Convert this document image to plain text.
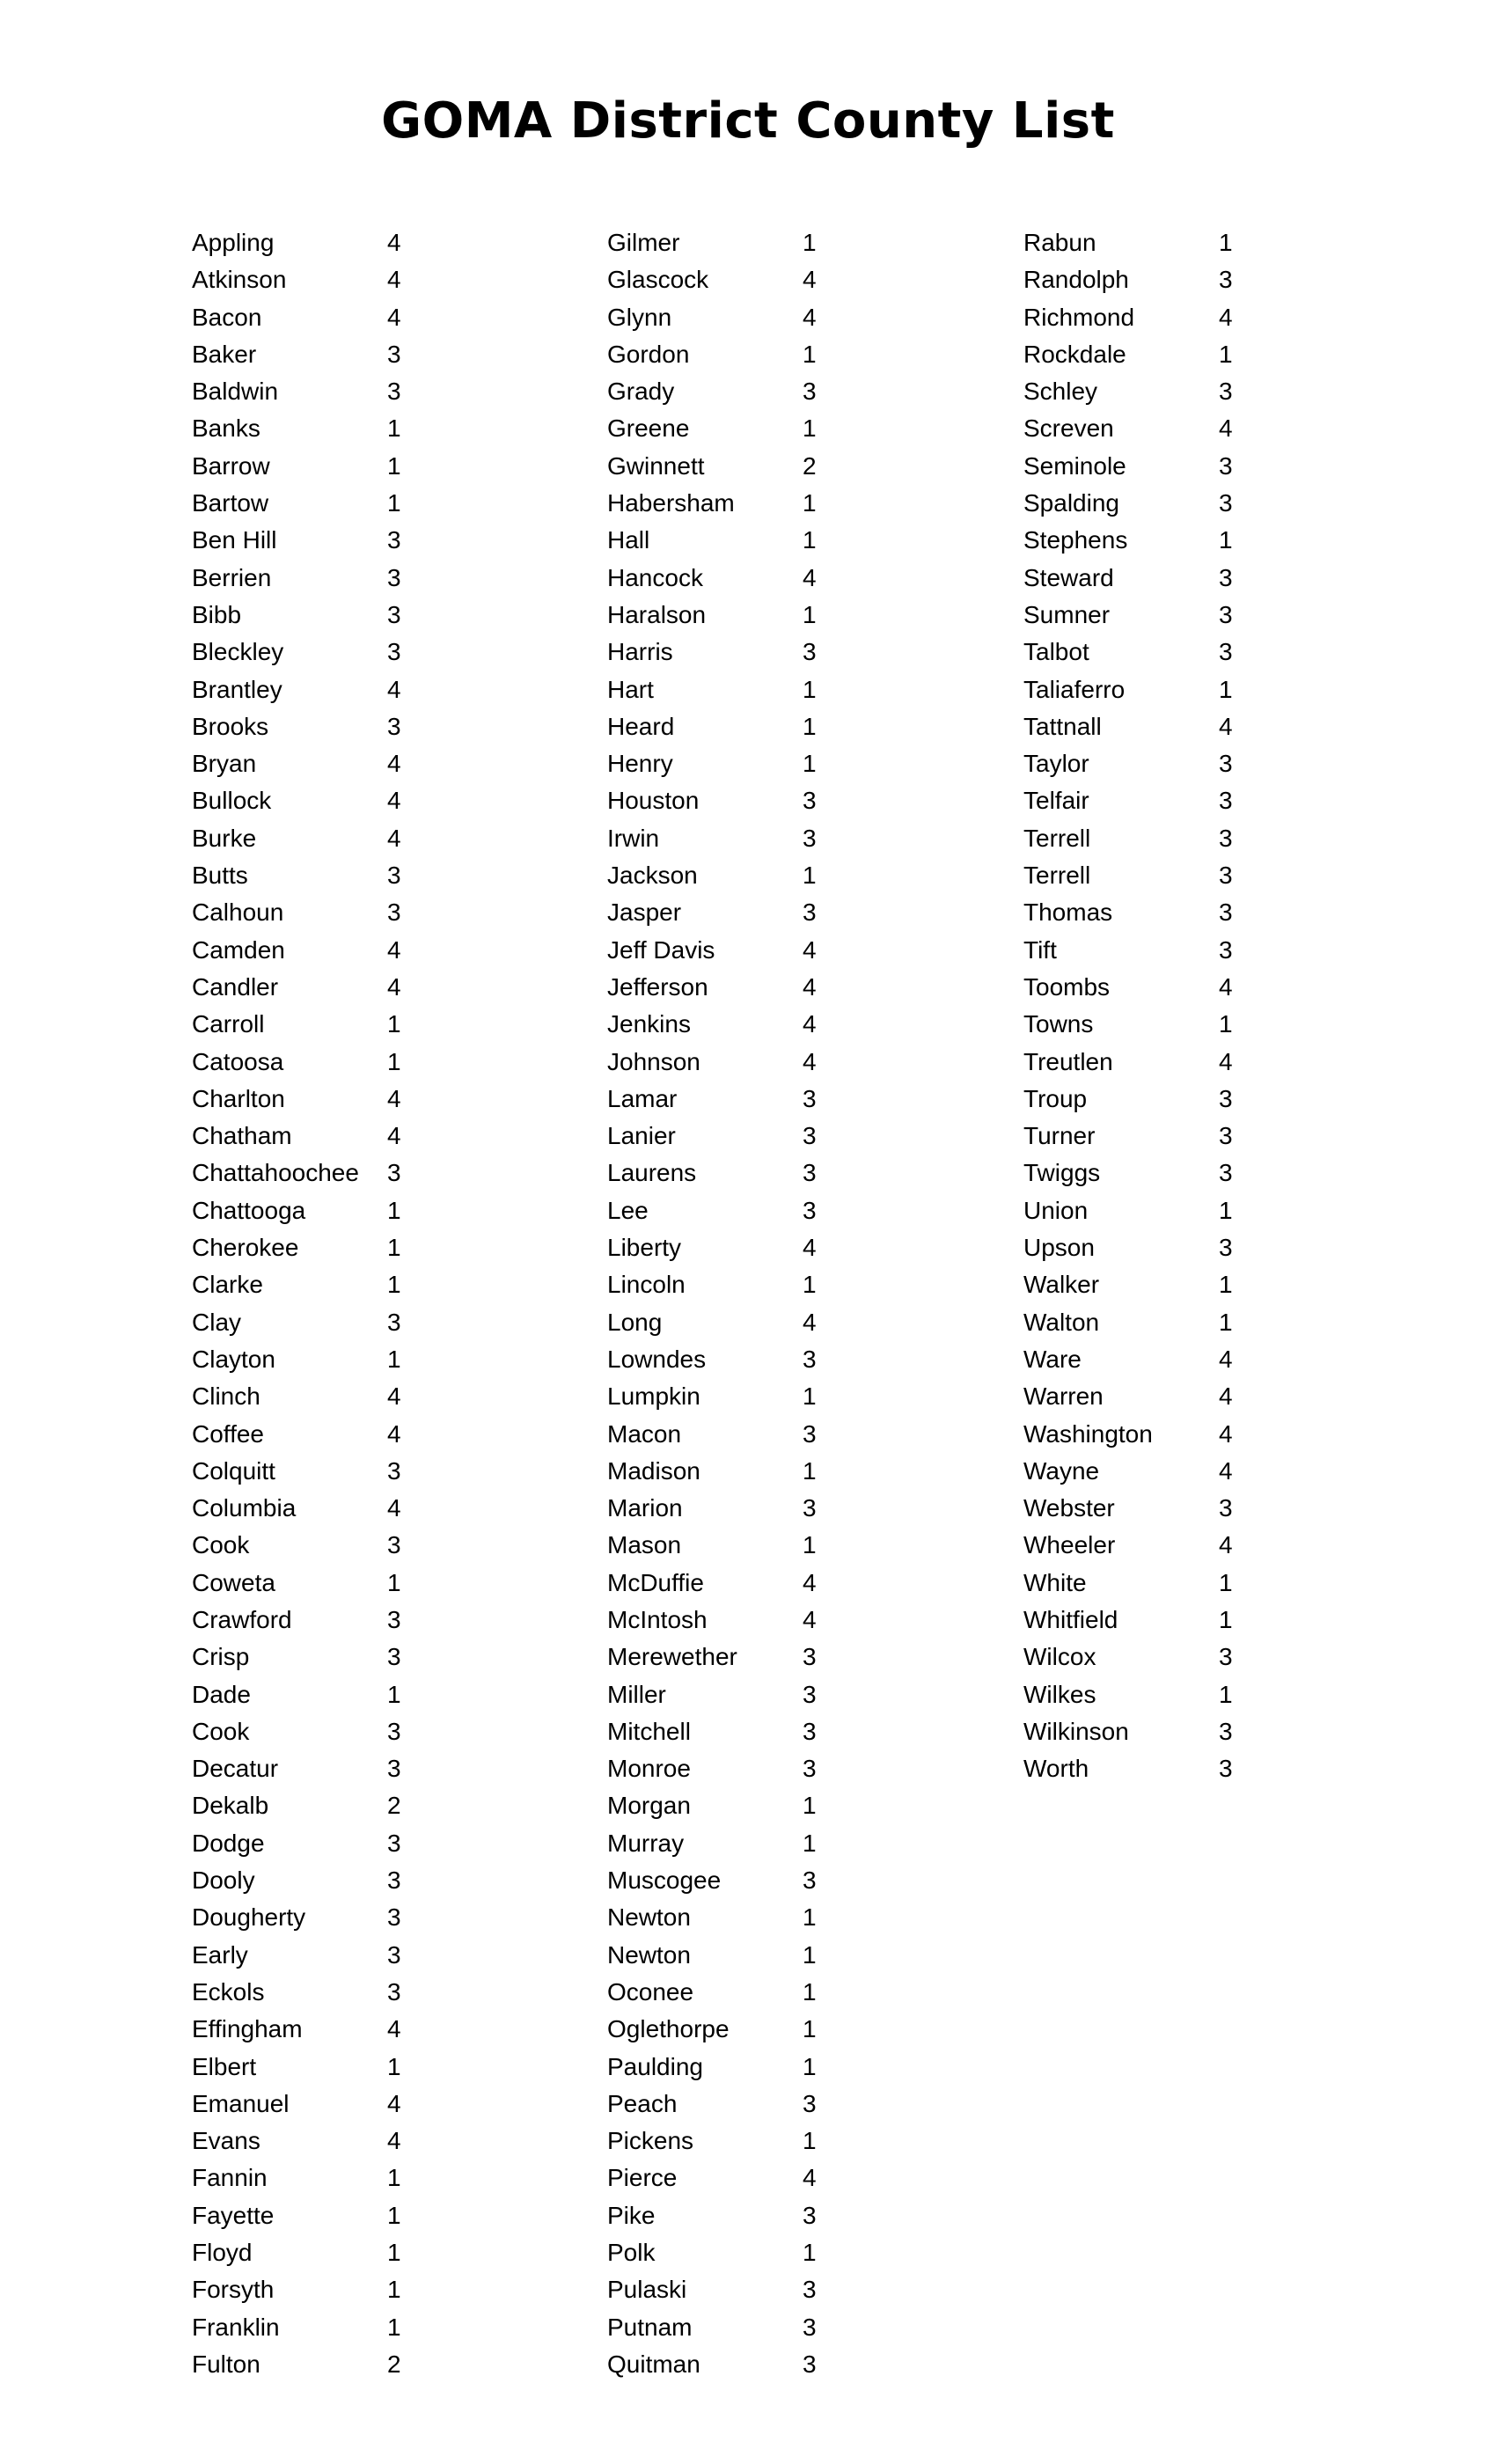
GOMA District County List
Appling	4
Atkinson	4
Bacon	4
Baker	3
Baldwin	3
Banks	1
Barrow	1
Bartow	1
Ben Hill	3
Berrien	3
Bibb	3
Bleckley	3
Brantley	4
Brooks	3
Bryan	4
Bullock	4
Burke	4
Butts	3
Calhoun	3
Camden	4
Candler	4
Carroll	1
Catoosa	1
Charlton	4
Chatham	4
Chattahoochee 3
Chattooga	1
Cherokee	1
Clarke	1
Clay	3
Clayton	1
Clinch	4
Coffee	4
Colquitt	3
Columbia	4
Cook	3
Coweta	1
Crawford	3
Crisp	3
Dade	1
Cook	3
Decatur	3
Dekalb	2
Dodge	3
Dooly	3
Dougherty	3
Early	3
Eckols	3
Effingham	4
Elbert	1
Emanuel	4
Evans	4
Fannin	1
Fayette	1
Floyd	1
Forsyth	1
Franklin	1
Fulton	2
Gilmer	1
Glascock	4
Glynn	4
Gordon	1
Grady	3
Greene	1
Gwinnett	2
Habersham	1
Hall	1
Hancock	4
Haralson	1
Harris	3
Hart	1
Heard	1
Henry	1
Houston	3
Irwin	3
Jackson	1
Jasper	3
Jeff Davis	4
Jefferson	4
Jenkins	4
Johnson	4
Lamar	3
Lanier	3
Laurens	3
Lee	3
Liberty	4
Lincoln	1
Long	4
Lowndes	3
Lumpkin	1
Macon	3
Madison	1
Marion	3
Mason	1
McDuffie	4
McIntosh	4
Merewether	3
Miller	3
Mitchell	3
Monroe	3
Morgan	1
Murray	1
Muscogee	3
Newton	1
Newton	1
Oconee	1
Oglethorpe	1
Paulding	1
Peach	3
Pickens	1
Pierce	4
Pike	3
Polk	1
Pulaski	3
Putnam	3
Quitman	3
Rabun	1
Randolph	3
Richmond	4
Rockdale	1
Schley	3
Screven	4
Seminole	3
Spalding	3
Stephens	1
Steward	3
Sumner	3
Talbot	3
Taliaferro	1
Tattnall	4
Taylor	3
Telfair	3
Terrell	3
Terrell	3
Thomas	3
Tift	3
Toombs	4
Towns	1
Treutlen	4
Troup	3
Turner	3
Twiggs	3
Union	1
Upson	3
Walker	1
Walton	1
Ware	4
Warren	4
Washington	4
Wayne	4
Webster	3
Wheeler	4
White	1
Whitfield	1
Wilcox	3
Wilkes	1
Wilkinson	3
Worth	3
